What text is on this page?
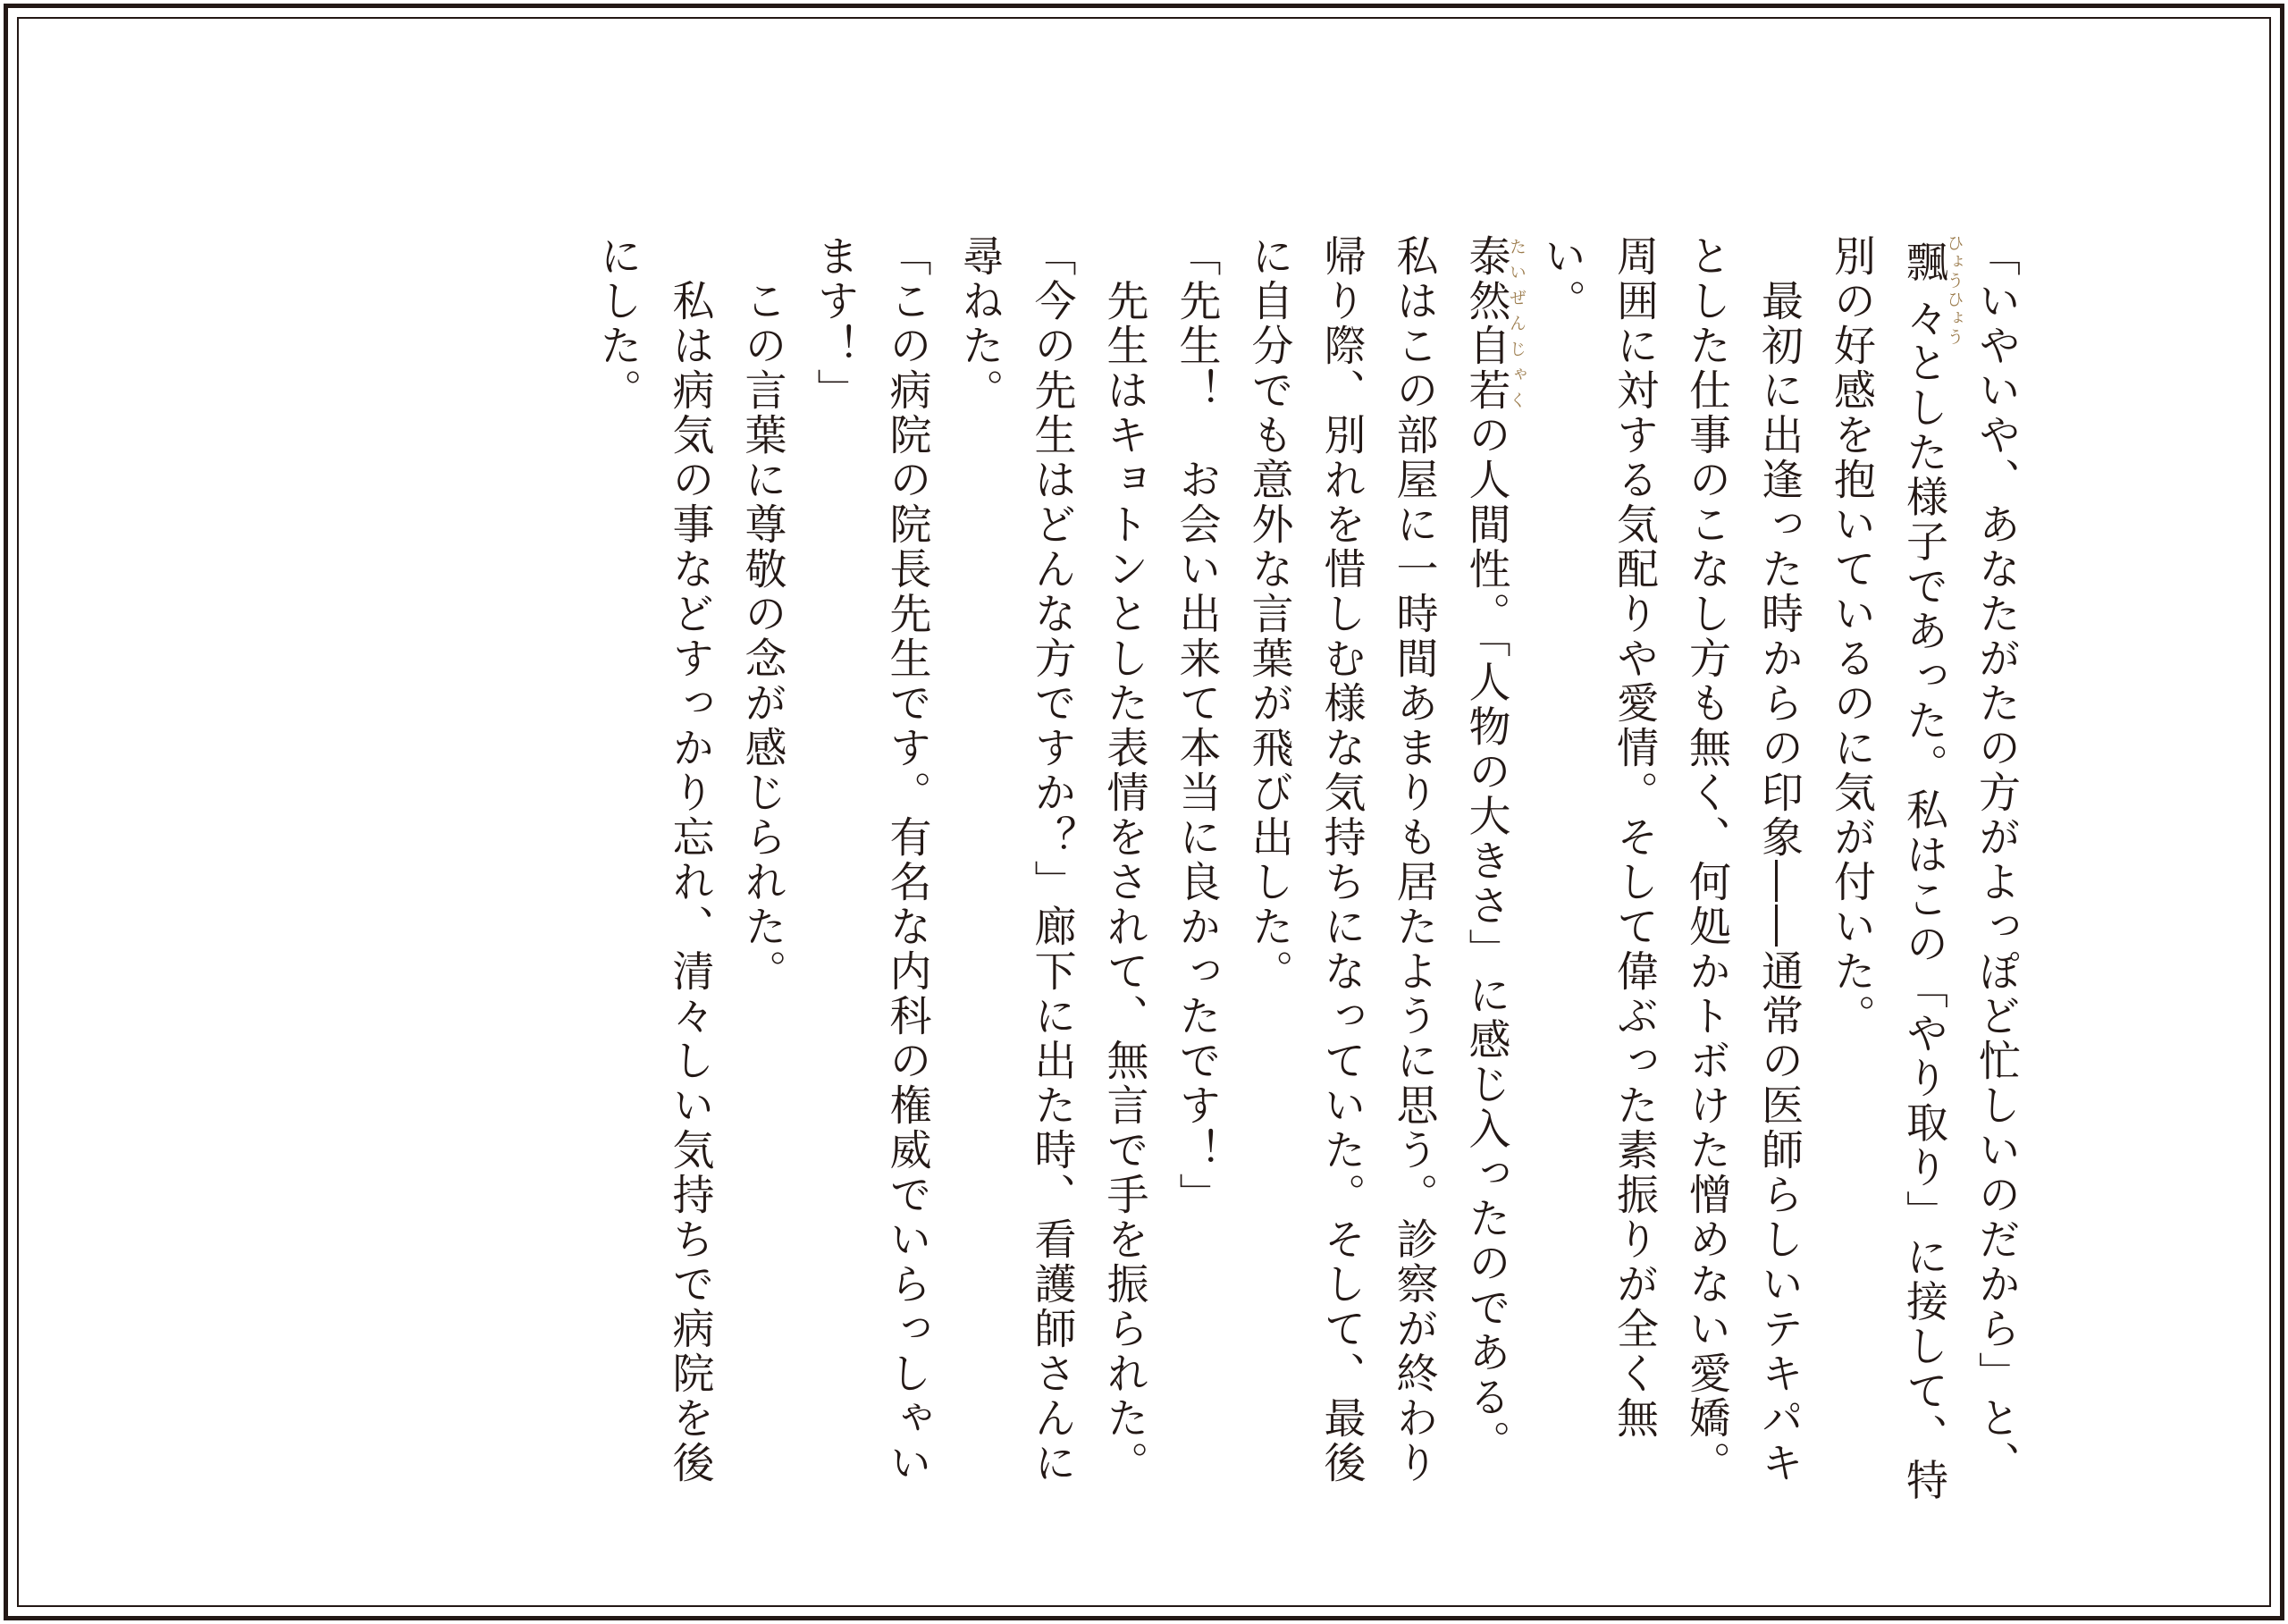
「いやいや、あなたがたの方がよっぽど忙しいのだから」と、飄々ひょうひょうとした様子であった。私はこの「やり取り」に接して、特別の好感を抱いているのに気が付いた。

　最初に出逢った時からの印象――通常の医師らしいテキパキとした仕事のこなし方も無く、何処かトボけた憎めない愛嬌。周囲に対する気配りや愛情。そして偉ぶった素振りが全く無い。

泰然自若たいぜんじゃくの人間性。「人物の大きさ」に感じ入ったのである。私はこの部屋に一時間あまりも居たように思う。診察が終わり帰り際、別れを惜しむ様な気持ちになっていた。そして、最後に自分でも意外な言葉が飛び出した。

「先生！　お会い出来て本当に良かったです！」

　先生はキョトンとした表情をされて、無言で手を振られた。

「今の先生はどんな方ですか？」廊下に出た時、看護師さんに尋ねた。

「この病院の院長先生です。有名な内科の権威でいらっしゃいます！」

　この言葉に尊敬の念が感じられた。

　私は病気の事などすっかり忘れ、清々しい気持ちで病院を後にした。
